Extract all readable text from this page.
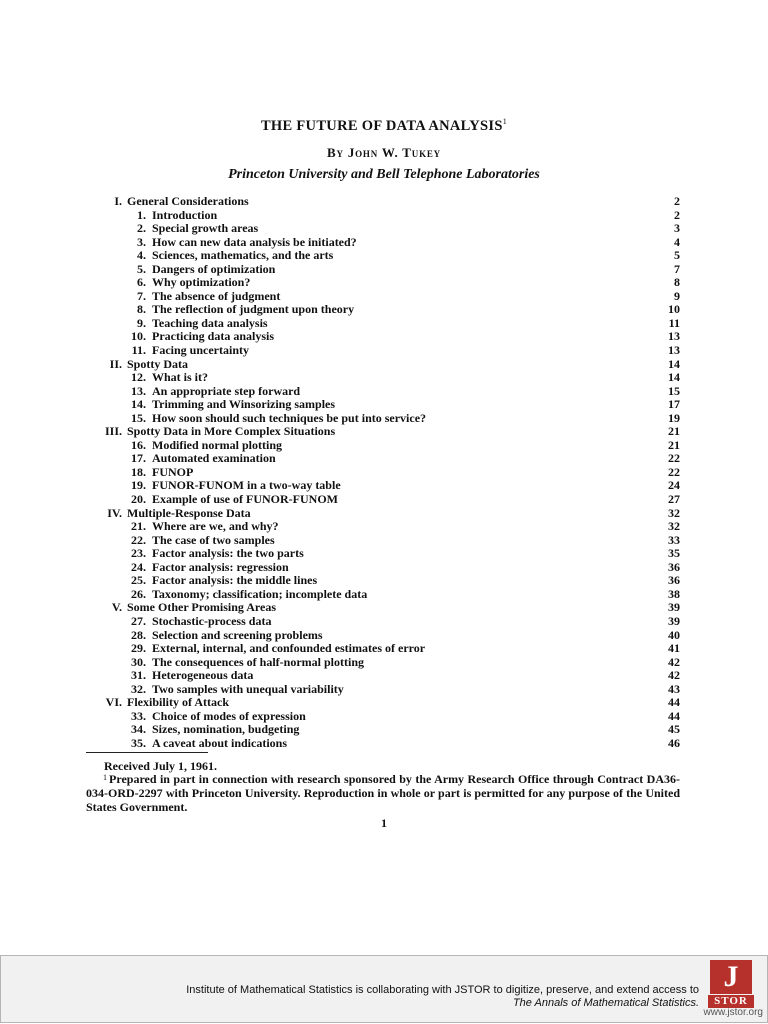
THE FUTURE OF DATA ANALYSIS$^1$
By John W. Tukey
Princeton University and Bell Telephone Laboratories
I. General Considerations	2
1. Introduction	2
2. Special growth areas	3
3. How can new data analysis be initiated?	4
4. Sciences, mathematics, and the arts	5
5. Dangers of optimization	7
6. Why optimization?	8
7. The absence of judgment	9
8. The reflection of judgment upon theory	10
9. Teaching data analysis	11
10. Practicing data analysis	13
11. Facing uncertainty	13
II. Spotty Data	14
12. What is it?	14
13. An appropriate step forward	15
14. Trimming and Winsorizing samples	17
15. How soon should such techniques be put into service?	19
III. Spotty Data in More Complex Situations	21
16. Modified normal plotting	21
17. Automated examination	22
18. FUNOP	22
19. FUNOR-FUNOM in a two-way table	24
20. Example of use of FUNOR-FUNOM	27
IV. Multiple-Response Data	32
21. Where are we, and why?	32
22. The case of two samples	33
23. Factor analysis: the two parts	35
24. Factor analysis: regression	36
25. Factor analysis: the middle lines	36
26. Taxonomy; classification; incomplete data	38
V. Some Other Promising Areas	39
27. Stochastic-process data	39
28. Selection and screening problems	40
29. External, internal, and confounded estimates of error	41
30. The consequences of half-normal plotting	42
31. Heterogeneous data	42
32. Two samples with unequal variability	43
VI. Flexibility of Attack	44
33. Choice of modes of expression	44
34. Sizes, nomination, budgeting	45
35. A caveat about indications	46
Received July 1, 1961.
$^1$ Prepared in part in connection with research sponsored by the Army Research Office through Contract DA36-034-ORD-2297 with Princeton University. Reproduction in whole or part is permitted for any purpose of the United States Government.
1
Institute of Mathematical Statistics is collaborating with JSTOR to digitize, preserve, and extend access to
The Annals of Mathematical Statistics.
J
STOR
www.jstor.org
